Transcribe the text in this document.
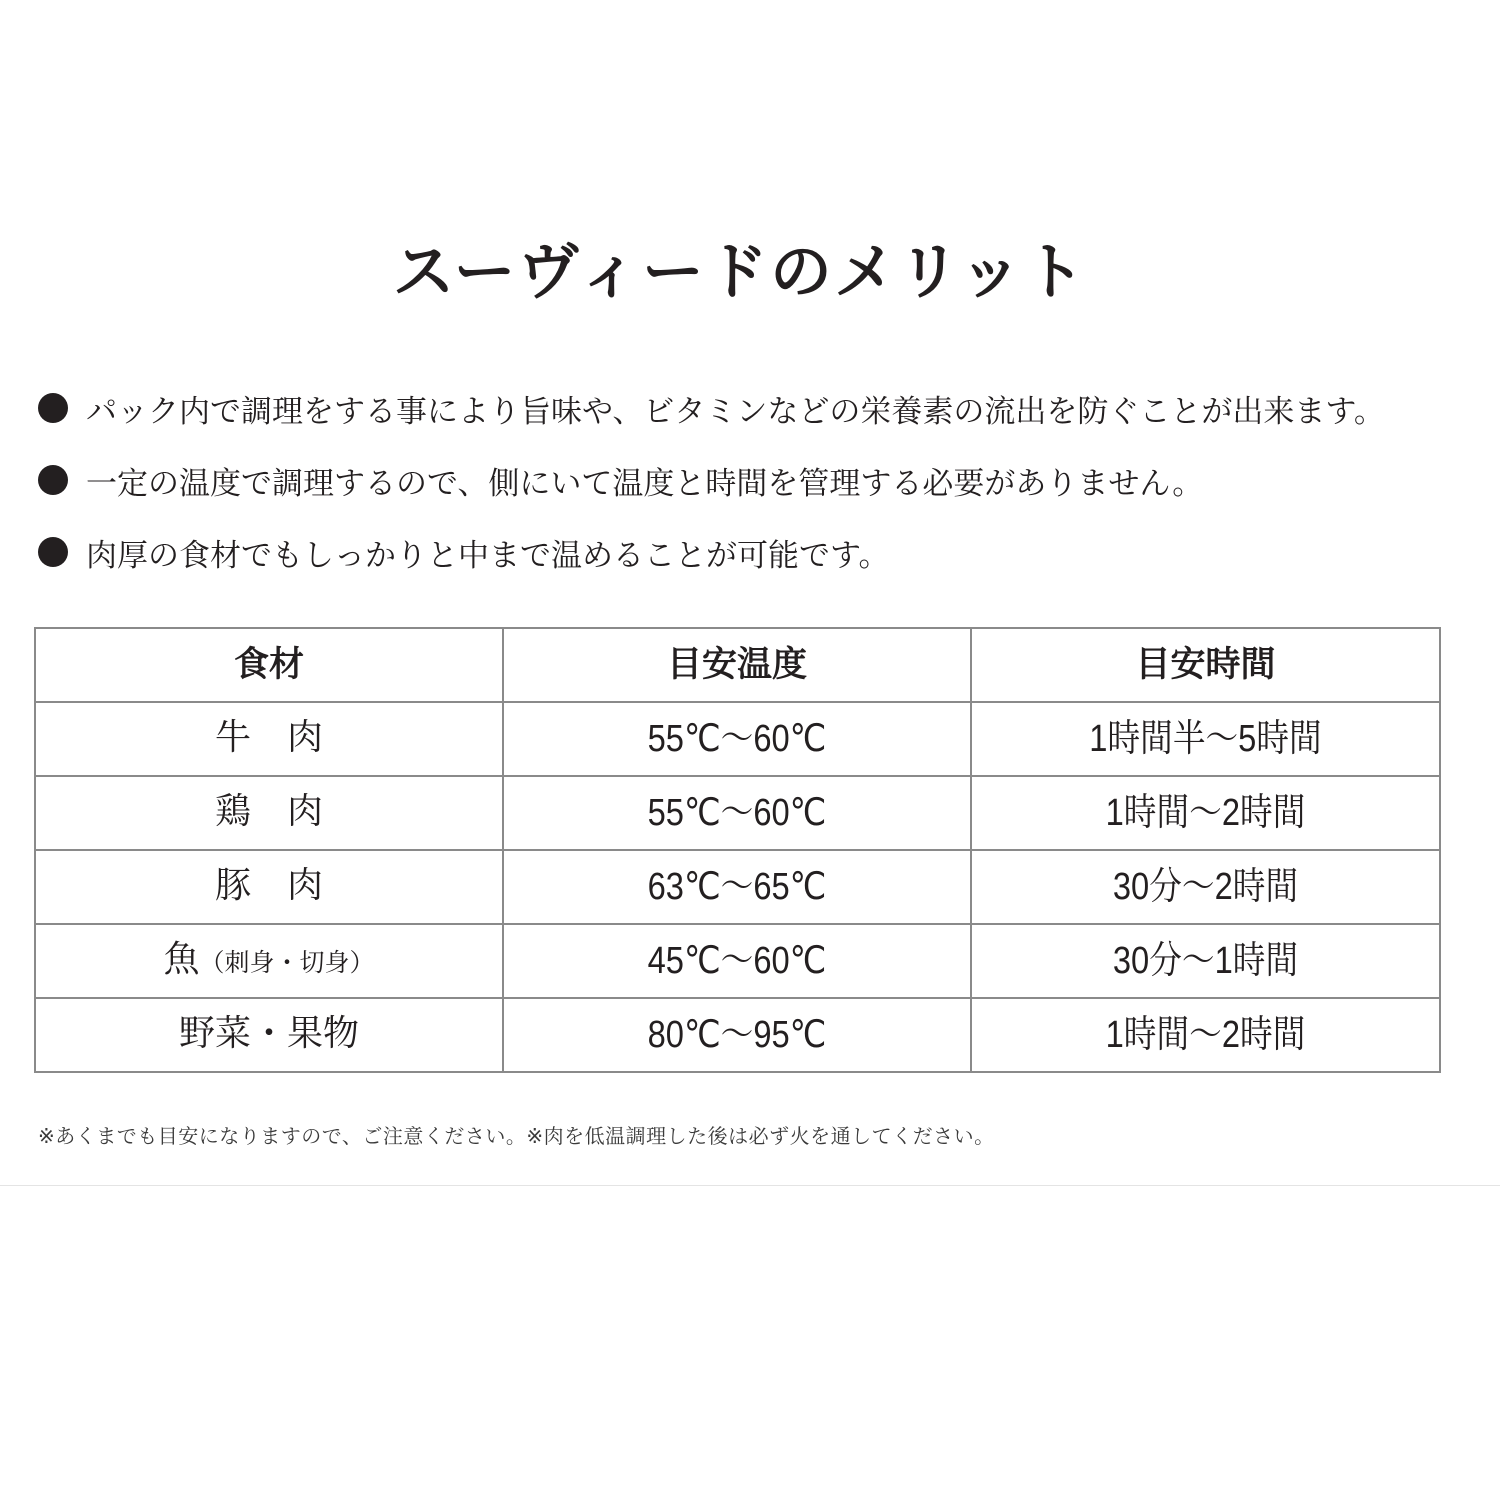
スーヴィードのメリット
パック内で調理をする事により旨味や、ビタミンなどの栄養素の流出を防ぐことが出来ます。
一定の温度で調理するので、側にいて温度と時間を管理する必要がありません。
肉厚の食材でもしっかりと中まで温めることが可能です。
食材	目安温度	目安時間
牛　肉	55℃〜60℃	1時間半〜5時間
鶏　肉	55℃〜60℃	1時間〜2時間
豚　肉	63℃〜65℃	30分〜2時間
魚（刺身・切身）	45℃〜60℃	30分〜1時間
野菜・果物	80℃〜95℃	1時間〜2時間
※あくまでも目安になりますので、ご注意ください。※肉を低温調理した後は必ず火を通してください。
